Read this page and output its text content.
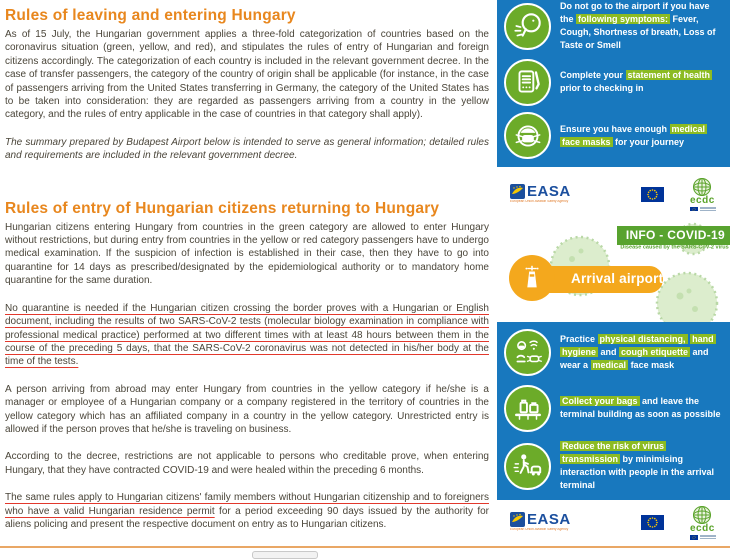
Rules of leaving and entering Hungary

As of 15 July, the Hungarian government applies a three-fold categorization of countries based on the coronavirus situation (green, yellow, and red), and stipulates the rules of entry of Hungarian and foreign citizens accordingly. The categorization of each country is included in the relevant government decree. In the case of transfer passengers, the category of the country of origin shall be applicable (for instance, in the case of passengers arriving from the United States transferring in Germany, the category of the United States has to be taken into consideration: they are regarded as passengers arriving from a country in the yellow category, and the rules of entry applicable in the case of countries in that category shall apply).

The summary prepared by Budapest Airport below is intended to serve as general information; detailed rules and requirements are included in the relevant government decree.

Rules of entry of Hungarian citizens returning to Hungary

Hungarian citizens entering Hungary from countries in the green category are allowed to enter Hungary without restrictions, but during entry from countries in the yellow or red category passengers have to undergo medical examination. If the suspicion of infection is established in their case, then they have to go into quarantine for 14 days as prescribed/designated by the epidemiological authority or to mandatory home quarantine for the same duration.

No quarantine is needed if the Hungarian citizen crossing the border proves with a Hungarian or English document, including the results of two SARS-CoV-2 tests (molecular biology examination in compliance with professional medical practice) performed at two different times with at least 48 hours between them in the course of the preceding 5 days, that the SARS-CoV-2 coronavirus was not detected in his/her body at the time of the tests.

A person arriving from abroad may enter Hungary from countries in the yellow category if he/she is a manager or employee of a Hungarian company or a company registered in the territory of countries in the yellow category which has an affiliated company in a country in the yellow category. Unrestricted entry is allowed if the person proves that he/she is traveling on business.

According to the decree, restrictions are not applicable to persons who creditable prove, when entering Hungary, that they have contracted COVID-19 and were healed within the preceding 6 months.

The same rules apply to Hungarian citizens' family members without Hungarian citizenship and to foreigners who have a valid Hungarian residence permit for a period exceeding 90 days issued by the authority for aliens policing and present the respective document on entry as to Hungarian citizens.

Do not go to the airport if you have the following symptoms: Fever, Cough, Shortness of breath, Loss of Taste or Smell
Complete your statement of health prior to checking in
Ensure you have enough medical face masks for your journey
EASA
European Union Aviation Safety Agency	ecdc
INFO - COVID-19
Disease caused by the SARS-CoV-2 virus
Arrival airport
Practice physical distancing, hand hygiene and cough etiquette and wear a medical face mask
Collect your bags and leave the terminal building as soon as possible
Reduce the risk of virus transmission by minimising interaction with people in the arrival terminal
EASA
European Union Aviation Safety Agency	ecdc
